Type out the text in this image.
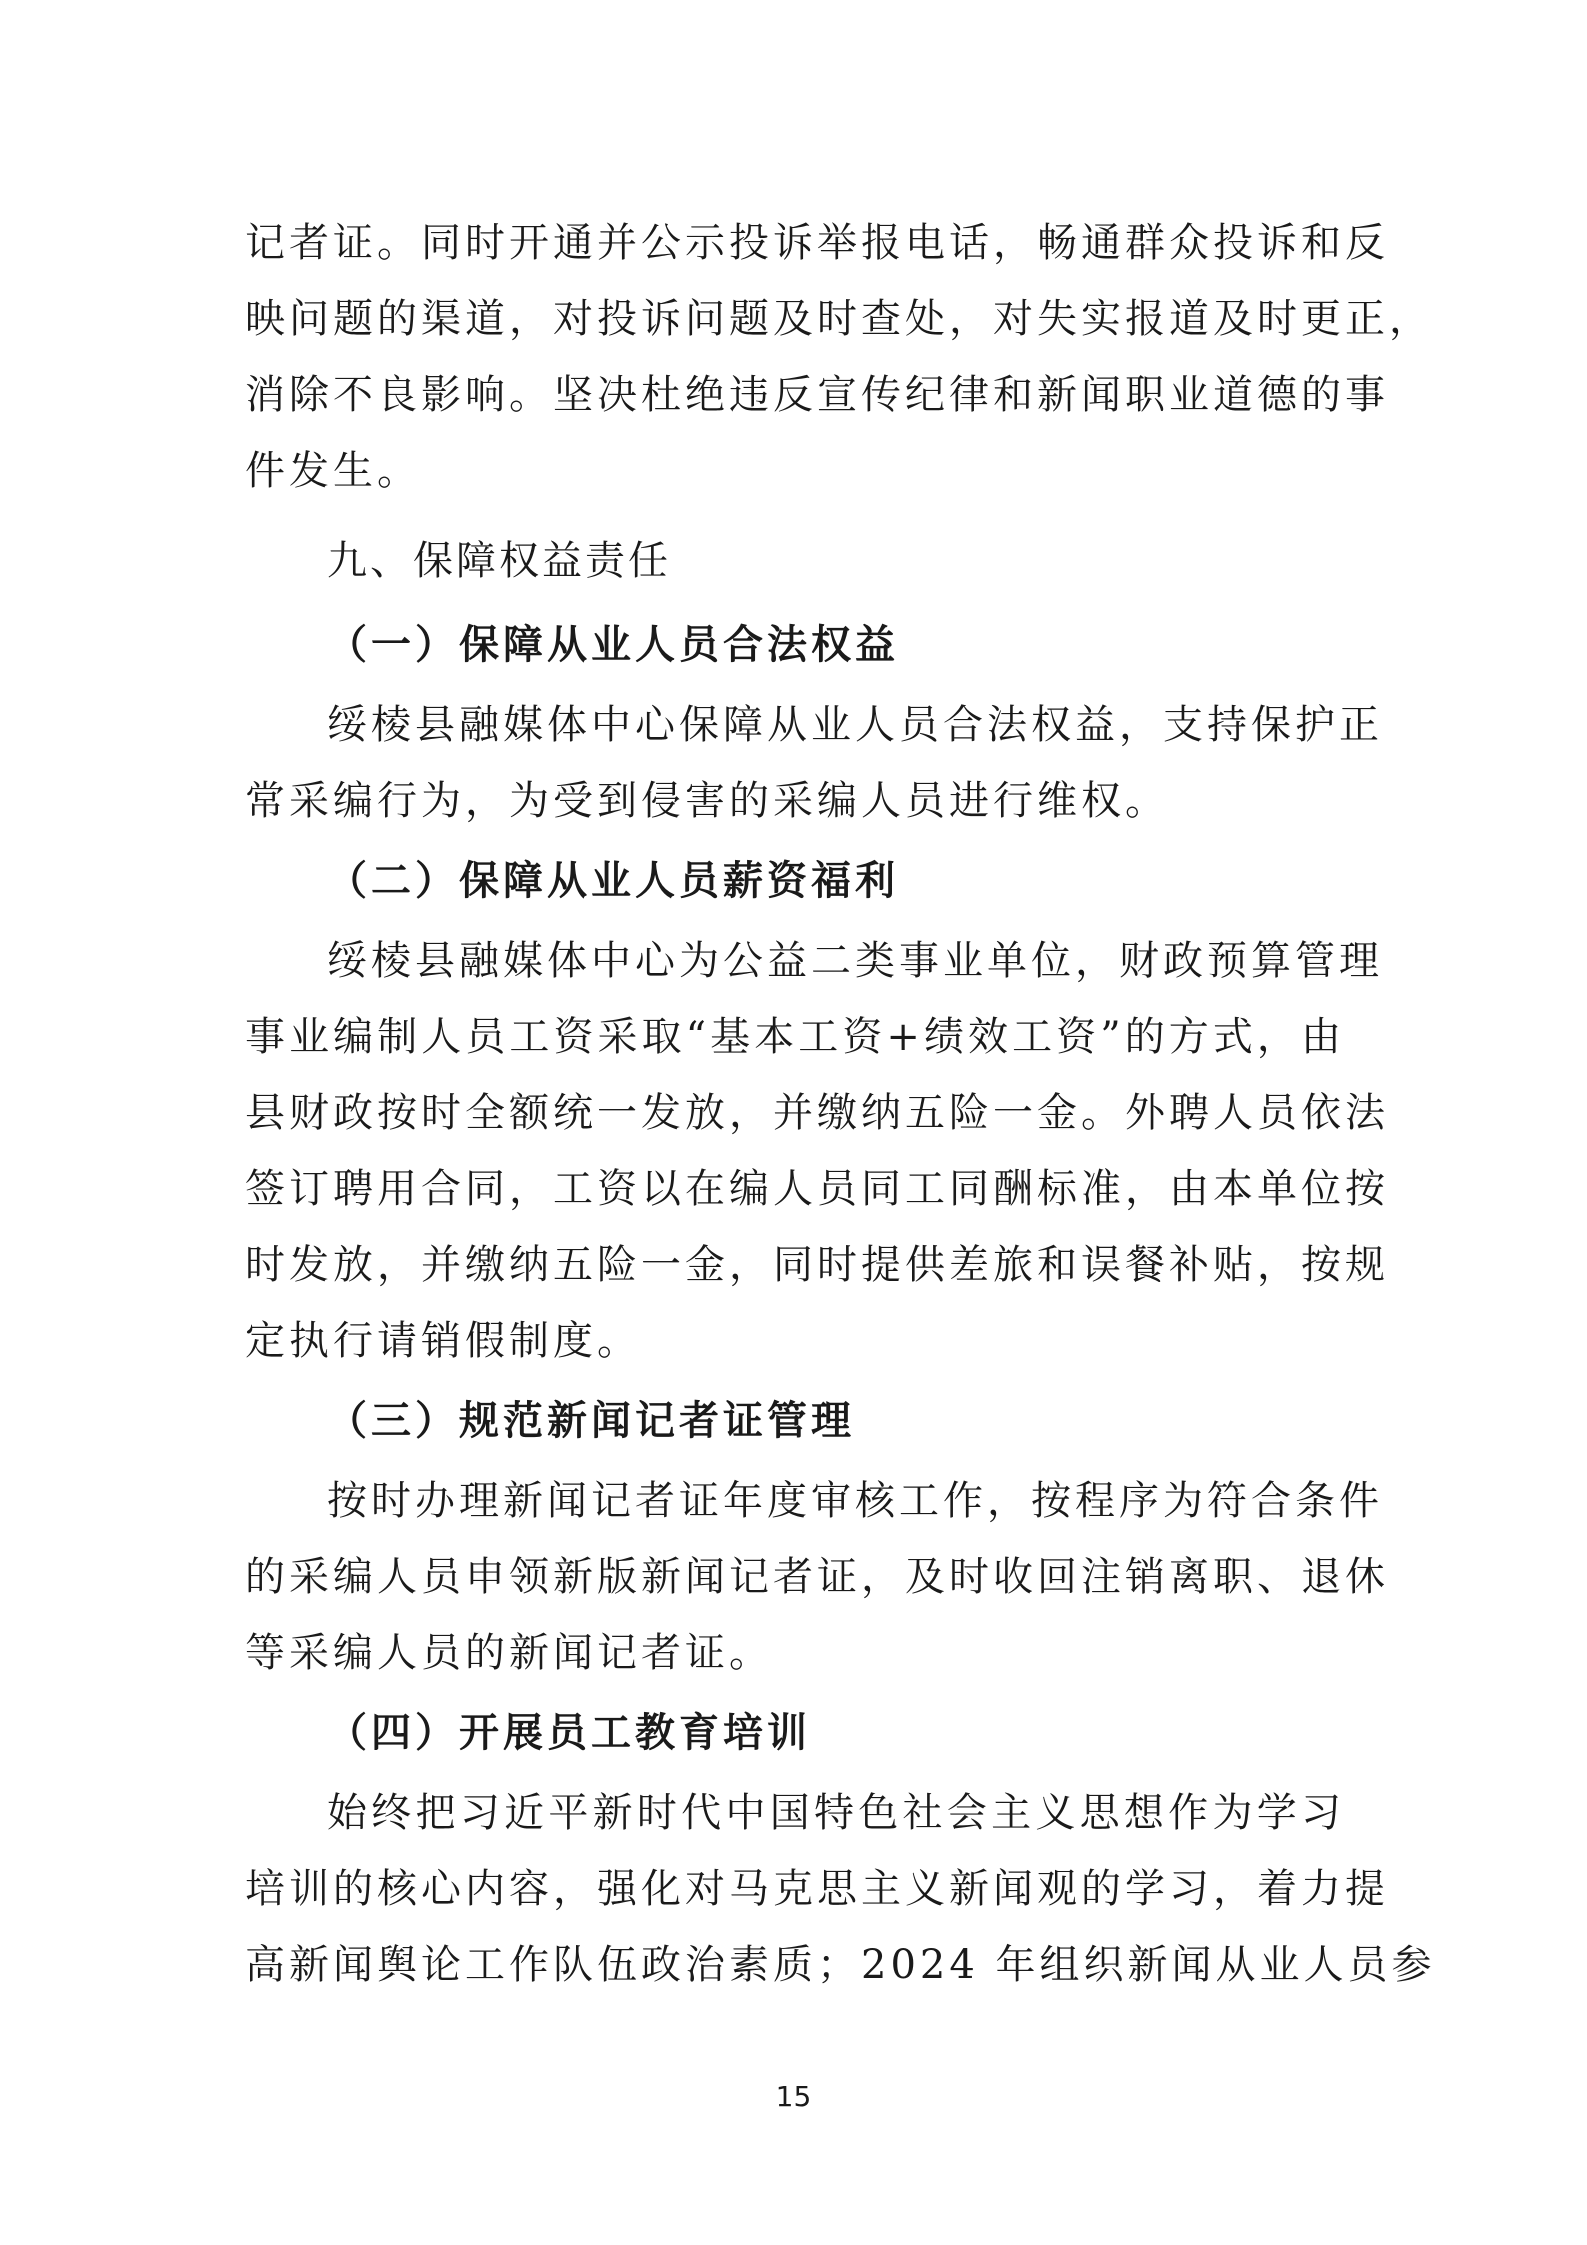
记者证。同时开通并公示投诉举报电话，畅通群众投诉和反
映问题的渠道，对投诉问题及时查处，对失实报道及时更正，
消除不良影响。坚决杜绝违反宣传纪律和新闻职业道德的事
件发生。
九、保障权益责任
（一）保障从业人员合法权益
绥棱县融媒体中心保障从业人员合法权益，支持保护正
常采编行为，为受到侵害的采编人员进行维权。
（二）保障从业人员薪资福利
绥棱县融媒体中心为公益二类事业单位，财政预算管理
事业编制人员工资采取“基本工资+绩效工资”的方式，由
县财政按时全额统一发放，并缴纳五险一金。外聘人员依法
签订聘用合同，工资以在编人员同工同酬标准，由本单位按
时发放，并缴纳五险一金，同时提供差旅和误餐补贴，按规
定执行请销假制度。
（三）规范新闻记者证管理
按时办理新闻记者证年度审核工作，按程序为符合条件
的采编人员申领新版新闻记者证，及时收回注销离职、退休
等采编人员的新闻记者证。
（四）开展员工教育培训
始终把习近平新时代中国特色社会主义思想作为学习
培训的核心内容，强化对马克思主义新闻观的学习，着力提
高新闻舆论工作队伍政治素质；2024 年组织新闻从业人员参
15
